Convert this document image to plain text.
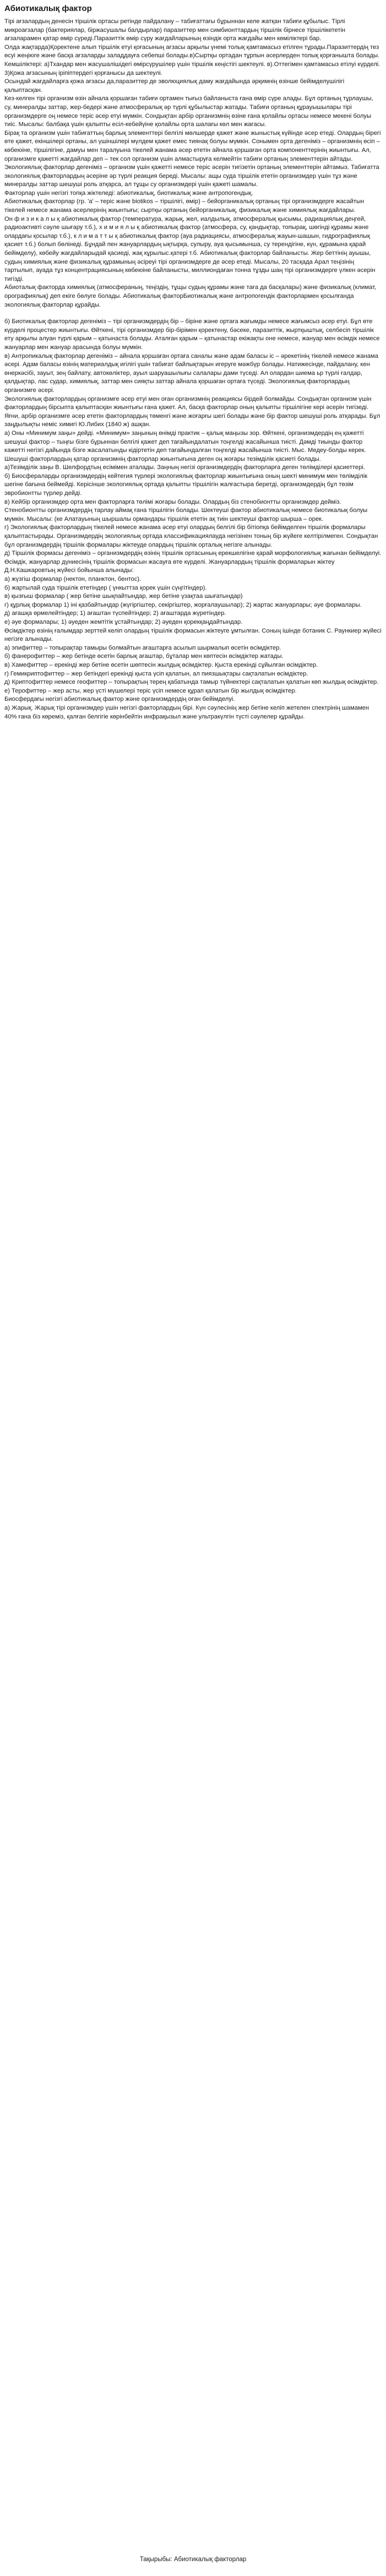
Абиотикалық фактор

Тірі ағзалардың денесін тіршілік ортасы ретінде пайдалану – табиғаттағы бұрыннан келе жатқан табиғи құбылыс. Тірлі микроағзалар (бактериялар, біржасушалы балдырлар) паразиттер мен симбионттардың тіршілік бірнесе тіршілікететін ағзаларамен қатар өмір сүреді.Паразиттік өмір сүру жағдайларының өзіндік орта жағдайы мен көміліктері бар.

Олда жақтарда)Қоректене алып тіршілік етуі қоғасының ағзасы арқылы үнемі толық қамтамасыз етілген тұрады.Паразиттердің тез өсуі жеңіюге және басқа ағзаларды заладдауға себепші болады.в)Сыртқы ортадан тұрпын әсерлерден толық қорғанышта болады.

Кемшіліктері: а)Тхандар мен жасушалішідегі өмірсүрушілер үшін тіршілік кеңістігі шектеулі. в).Оттегімен қамтамасыз етілуі күрделі. 3)Қожа ағзасының іріпіптердегі қорғанысы да шектеулі.

Осындай жағдайларға қожа ағзасы да,паразиттер де эволюциялық даму жағдайында әрқимнің өзінше бейімделушілігі қалыптасқан.

Кез-келген тірі организм өзін айнала қоршаған табиғи ортамен тығыз байланыста ғана өмір сүре алады. Бұл ортаның тұрлаушы, су, минералды заттар, жер-бедері және атмосфералық әр түрлі құбылыстар жатады. Табиғи ортаның құрауышылары тірі организмдерге оң немесе теріс әсер етуі мүмкін. Сондықтан арбір организмнің өзіне ғана қолайлы ортасы немесе мекені болуы тиіс. Мысалы: балбақа үшін қалыпты есіл-кебейүіне қолайлы орта шалағы көл мен жағасы.

Бірақ та организм үшін табиғаттың барлық элементтері белгілі мөлшерде қажет және жыныстық күйінде әсер етеді. Олардың бірегі өте қажет, екіншілері ортаны, ал үшіншілері мүлдем қажет емес тиянақ болуы мүмкін. Сонымен орта дегеніміз – организмнің өсіп – көбеюіне, тіршілігіне, дамуы мен таралуына тікелей жанама әсер ететін айнала қоршаған орта компоненттерінің жиынтығы. Ал, организмге қажетті жағдайлар деп – тек сол организм үшін алмастыруға келмейтін табиғи ортаның элементтерін айтады. Экологиялық факторлар дегеніміз – организм үшін қажетті немесе теріс әсерін тигізетін ортаның элементтерін айтамыз. Табиғатта экологиялық факторлардың әсеріне әр түрлі реакция береді. Мысалы: ащы суда тіршілік ететін организмдер үшін тұз және минералды заттар шешуші роль атқарса, ал тұщы су организмдері үшін қажеті шамалы.

Факторлар үшін негізгі топқа жіктеледі: абиотикалық, биотикалық және антропогендық.

Абиотикалық факторлар (гр. 'a' – теріс және biotikos – тіршілігі, өмір) – бейорганикалық ортаның тірі организмдерге жасайтын тікелей немесе жанама әсерлерінің жиынтығы; сыртқы ортаның бейорганикалық, физикалық және химиялық жағдайлары.

Он ф и з и к а л ы қ абиотикалық фактор (температура, жарық, жел, иалдылық, атмосфералық қысымы, радиациялық деңгей, радиоактивті сәуле шығару т.б.), х и м и я л ы қ абиотикалық фактор (атмосфера, су, қандықтар, топырақ, шөгінді құрамы және олардағы қосылар т.б.), к л и м а т т ы қ абиотикалық фактор (ауа радиациясы, атмосфералық жауын-шашын, гидрографиялық қасиет т.б.) болып бөлінеді. Бұндай пен жануарлардың ықтырқа, сулыру, ауа қысымынша, су терендігіне, күн, құрамына қарай бейімделу), көбейу жағдайларыдай қасиеді, жақ кұрылыс.қатері т.б. Абиотикалық факторлар байланысты. Жер беттінің ауышы, судың химиялық және физикалық құрамының әсіреуі тірі организмдерге де әсер етеді. Мысалы, 20 тасқада Арал теңізінің тартылып, ауада тұз концентрациясының көбеюіне байланысты, миллиондаған тонна тұзды шаң тірі организмдерге үлкен әсерін тигізді.

Абиоталық факторда химиялық (атмосфераның, теңіздің, тұщы судың құрамы және таға да басқалары) және физикалық (климат, орографиялық) деп екіге бөлуге болады. Абиотикалық факторБиотикалық және антропогендік факторлармен қосылғанда экологиялық факторлар құрайды.

б) Биотикалық факторлар дегеніміз – тірі организмдердің бір – біріне және ортаға жағымды немесе жағымсыз әсер етуі. Бұл өте күрделі процестер жиынтығы. Өйткені, тірі организмдер бір-бірімен қоректену, бәсеке, паразиттік, жыртқыштық, селбесіп тіршілік ету арқылы алуан түрлі қарым – қатынаста болады. Аталған қарым – қатынастар екіжақты оне немесе, жануар мен өсімдік немесе жануарлар мен жануар арасында болуы мүмкін.

в) Антропикалық факторлар дегеніміз – айнала қоршаған ортаға саналы және адам баласы іс – әрекетінің тікелей немесе жанама әсері. Адам баласы өзінің материалдық игілігі үшін табиғат байлықтарын игеруге мәжбүр болады. Натижесінде, пайдалану, кен өнеркәсібі, зауыт, зең байлату, автокөліктер, ауыл шаруашылығы салалары дами түседі. Ал олардан шиема ьр түрлі ғалдар, қалдықтар, лас судар, химиялық, заттар мен сияқты заттар айнала қоршаған ортаға түседі. Экологиялық факторлардың организмге әсері.

Экологиялық факторлардың организмге әсер етуі мен оған организмнің реакциясы бірдей болмайды. Сондықтан организм үшін факторлардың бірсыпта қалыптасқан жиынтығы ғана қажет. Ал, басқа факторлар оның қалыпты тіршілігіне кері әсерін тигізеді. Яғни, арбір организмге әсер ететін факторлардың төменгі және жоғарғы шегі болады және бір фактор шешуші роль атқарады. Бұл заңдылықты неміс химигі Ю.Либих (1840 ж) ашқан.

а) Оны «Минимум заңы» дейді. «Минимум» заңының өнімді практик – қалық маңызы зор. Өйткені, организмдердің ең қажетті шешуші фактор – тыңғы бізге бұрыннан белгілі қажет деп тағайындалатын тоңгелді жасайынша тиісті. Дәмді тиынды фактор кажетті негізгі дайында бізге жасалатынды кідіртетін деп тағайындалған тоңгелді жасайынша тиісті. Мыс. Медеу-болды керек.

Шешуші факторлардың қатар организмнің факторлар жиынтығына деген оң жоғары тезімділік қасиеті болады.

а)Тезімділік заңы В. Шелфордтың есімімен аталады. Заңның негізі организмдердің факторларға деген төлімділері қасиеттері.

б) Биосфераларды организмдердің кейтегия түрлері экологиялық факторлар жиынтығына оның шекті минимум мен төлімділік шегіне бағына беймейді. Керісінше экологиялық ортада қалыпты тіршілігін жалғастыра беретді, организмдердің бұл төзім эвробионтты түрлер дейді.

в) Кейбір организмдер орта мен факторларға төлімі жоғары болады. Олардың бiз стенобионтты организмдер дейміз. Стенобионтты организмдердің тарлау аймақ ғана тіршілігін болады. Шектеуші фактор абиотикалық немесе биотикалық болуы мүмкін. Мысалы: (ке Алатауының шыршалы ормандары тіршілік ететін ақ тиін шектеуші фактор шырша – орек.

г) Экологиялық факторлардың тікелей немесе жанама әсер етуі олардың белгілі бір бітіопқа бейімделген тіршілік формалары қалыптастырады. Организмдердің экологиялық ортада классификациялауда негізінен тоның бір жүйеге келтірілмеген. Сондықтан бұл организмдердің тіршілік формалары жіктеуде олардың тіршілік орталық негізге алынады.

д) Тіршілік формасы дегеніміз – организмдердің өзінің тіршілік ортасының ерекшелігіне қарай морфологиялық жағынан бейімделуі. Өсімдік, жануарлар дүниесінің тіршілік формасын жасауға өте күрделі. Жануарлардың тіршілік формаларын жіктеу Д.Н.Кашкаровтың жүйесі бойынша алынады:

а) жүзгіш формалар (нектон, планктон, бентос).

б) жартылай суда тіршілік ететіндер ( үнкыттза қорек үшін сүңгітіндер).

в) қызғыш формалар ( жер бетіне шықпайтындар, жер бетіне үзақтаа шығатындар)

г) құрлық формалар 1) іні қазбайтындар (жүгіргіштер, секіргіштер, жорғалаушылар); 2) жартас жануарлары; әуе формалары.

д) ағашқа өрмелейтіндер; 1) ағаштан түспейтіндер; 2) ағаштарда жүретіндер.

е) әуе формалары; 1) әуеден жемтітік ұстайтындар; 2) әуеден қорекқаңдайтындар.

Өсімдіктер өзінің ғалымдар зерттей келіп олардың тіршілік формасын жіктеуге ұмтылған. Соның ішінде ботаник С. Раункиер жүйесі негізге алынады.

а) эпифиттер – топырақтар тамыры болмайтын ағаштарға асылып шырмалып өсетін өсімдіктер.

б) фанерофиттер – жер бетінде өсетін барлық ағаштар, бұталар мен көптесін өсімдіктер жатады.

в) Хамефиттер – ерекінді жер бетіне өсетін шөптесін жылдық өсімдіктер. Қыста ерекінді сұйылған өсімдіктер.

г) Гемикриптофиттер – жер бетіндегі ерекінді қыста үсіп қалатын, ал пиязшықтары сақталатын өсімдіктер.

д) Криптофиттер немесе геофиттер – топырақтың терең қабатында тамыр түйнектері сақталатын қалатын көп жылдық өсімдіктер.

е) Терофиттер – жер асты, жер үсті мүшелері теріс үсіп немесе құрап қалатын бір жылдық өсімдіктер.

Биосфердағы негізгі абиотикалық фактор және организмдердің оған бейімделуі.

а) Жарық. Жарық тірі организмдер үшін негізгі факторлардың бірі. Күн сәулесінің жер бетіне келіп жетелен спектрінің шамамен 40% ғана біз көреміз, қалған белгігіе көрінбейтін инфрақызыл және ультракүлгін түсті сәулелер құрайды.

Тақырыбы: Абиотикалық факторлар
